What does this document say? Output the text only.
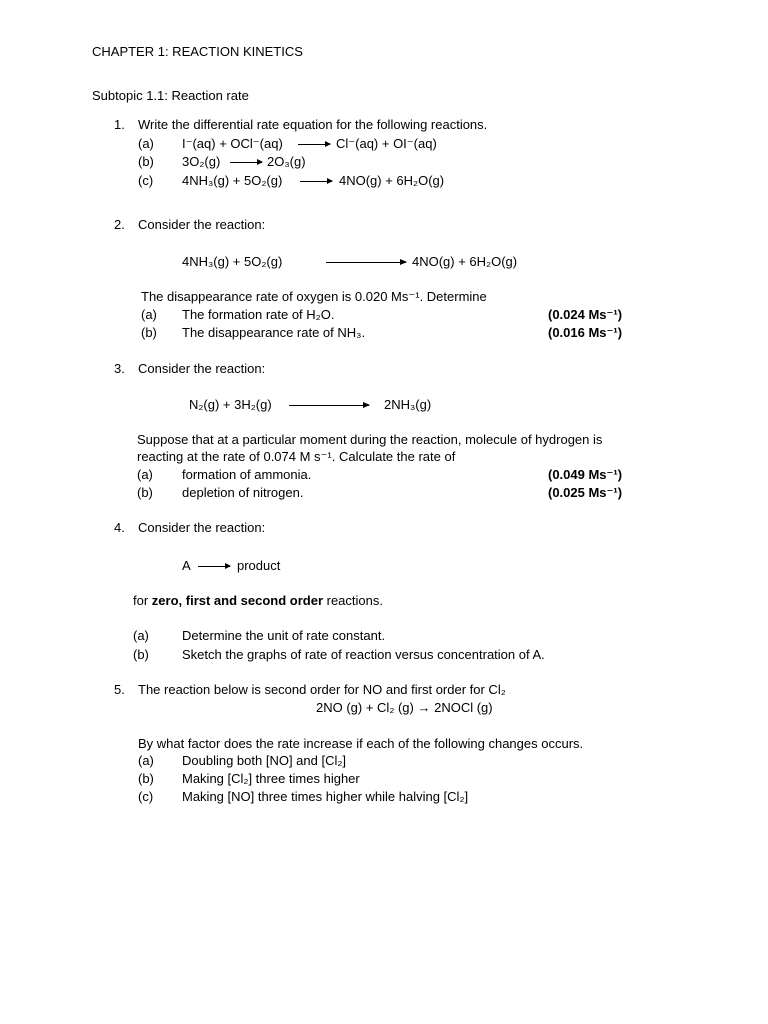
CHAPTER 1: REACTION KINETICS
Subtopic 1.1: Reaction rate
1. Write the differential rate equation for the following reactions.
(a) I⁻(aq) + OCl⁻(aq) → Cl⁻(aq) + OI⁻(aq)
(b) 3O₂(g) → 2O₃(g)
(c) 4NH₃(g) + 5O₂(g) → 4NO(g) + 6H₂O(g)
2. Consider the reaction:
4NH₃(g) + 5O₂(g)	4NO(g) + 6H₂O(g)
The disappearance rate of oxygen is 0.020 Ms⁻¹. Determine
(a) The formation rate of H₂O.	(0.024 Ms⁻¹)
(b) The disappearance rate of NH₃.	(0.016 Ms⁻¹)
3. Consider the reaction:
N₂(g) + 3H₂(g)	2NH₃(g)
Suppose that at a particular moment during the reaction, molecule of hydrogen is
reacting at the rate of 0.074 M s⁻¹. Calculate the rate of
(a) formation of ammonia.	(0.049 Ms⁻¹)
(b) depletion of nitrogen.	(0.025 Ms⁻¹)
4. Consider the reaction:
A → product
for zero, first and second order reactions.
(a)	Determine the unit of rate constant.
(b)	Sketch the graphs of rate of reaction versus concentration of A.
5. The reaction below is second order for NO and first order for Cl₂
2NO (g) + Cl₂ (g) → 2NOCl (g)
By what factor does the rate increase if each of the following changes occurs.
(a) Doubling both [NO] and [Cl₂]
(b) Making [Cl₂] three times higher
(c) Making [NO] three times higher while halving [Cl₂]
